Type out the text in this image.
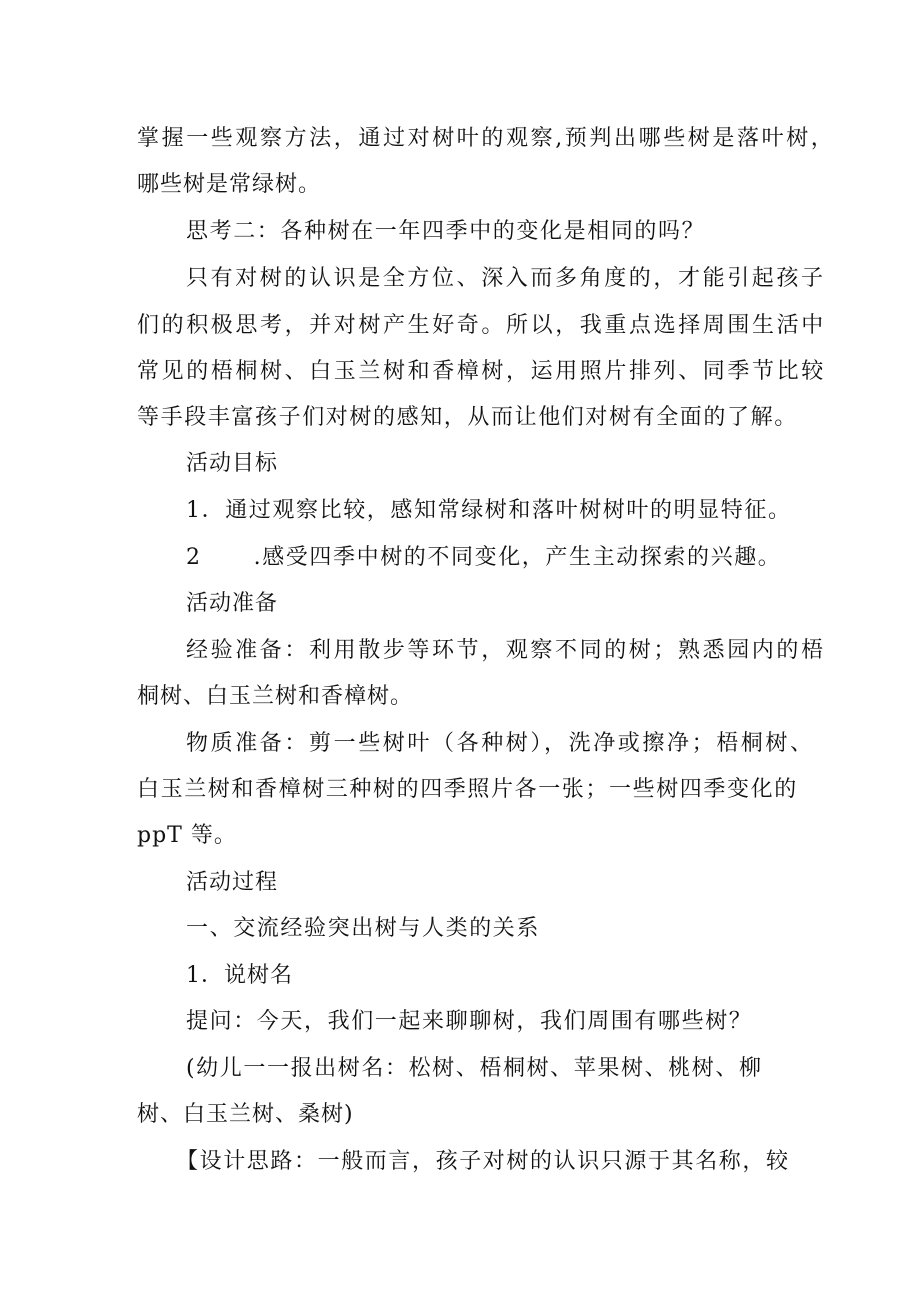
掌握一些观察方法，通过对树叶的观察,预判出哪些树是落叶树，
哪些树是常绿树。
思考二：各种树在一年四季中的变化是相同的吗？
只有对树的认识是全方位、深入而多角度的，才能引起孩子
们的积极思考，并对树产生好奇。所以，我重点选择周围生活中
常见的梧桐树、白玉兰树和香樟树，运用照片排列、同季节比较
等手段丰富孩子们对树的感知，从而让他们对树有全面的了解。
活动目标
1．通过观察比较，感知常绿树和落叶树树叶的明显特征。
2 .感受四季中树的不同变化，产生主动探索的兴趣。
活动准备
经验准备：利用散步等环节，观察不同的树；熟悉园内的梧
桐树、白玉兰树和香樟树。
物质准备：剪一些树叶（各种树），洗净或擦净；梧桐树、
白玉兰树和香樟树三种树的四季照片各一张；一些树四季变化的
ppT 等。
活动过程
一、交流经验突出树与人类的关系
1．说树名
提问：今天，我们一起来聊聊树，我们周围有哪些树？
(幼儿一一报出树名：松树、梧桐树、苹果树、桃树、柳
树、白玉兰树、桑树)
【设计思路：一般而言，孩子对树的认识只源于其名称，较
